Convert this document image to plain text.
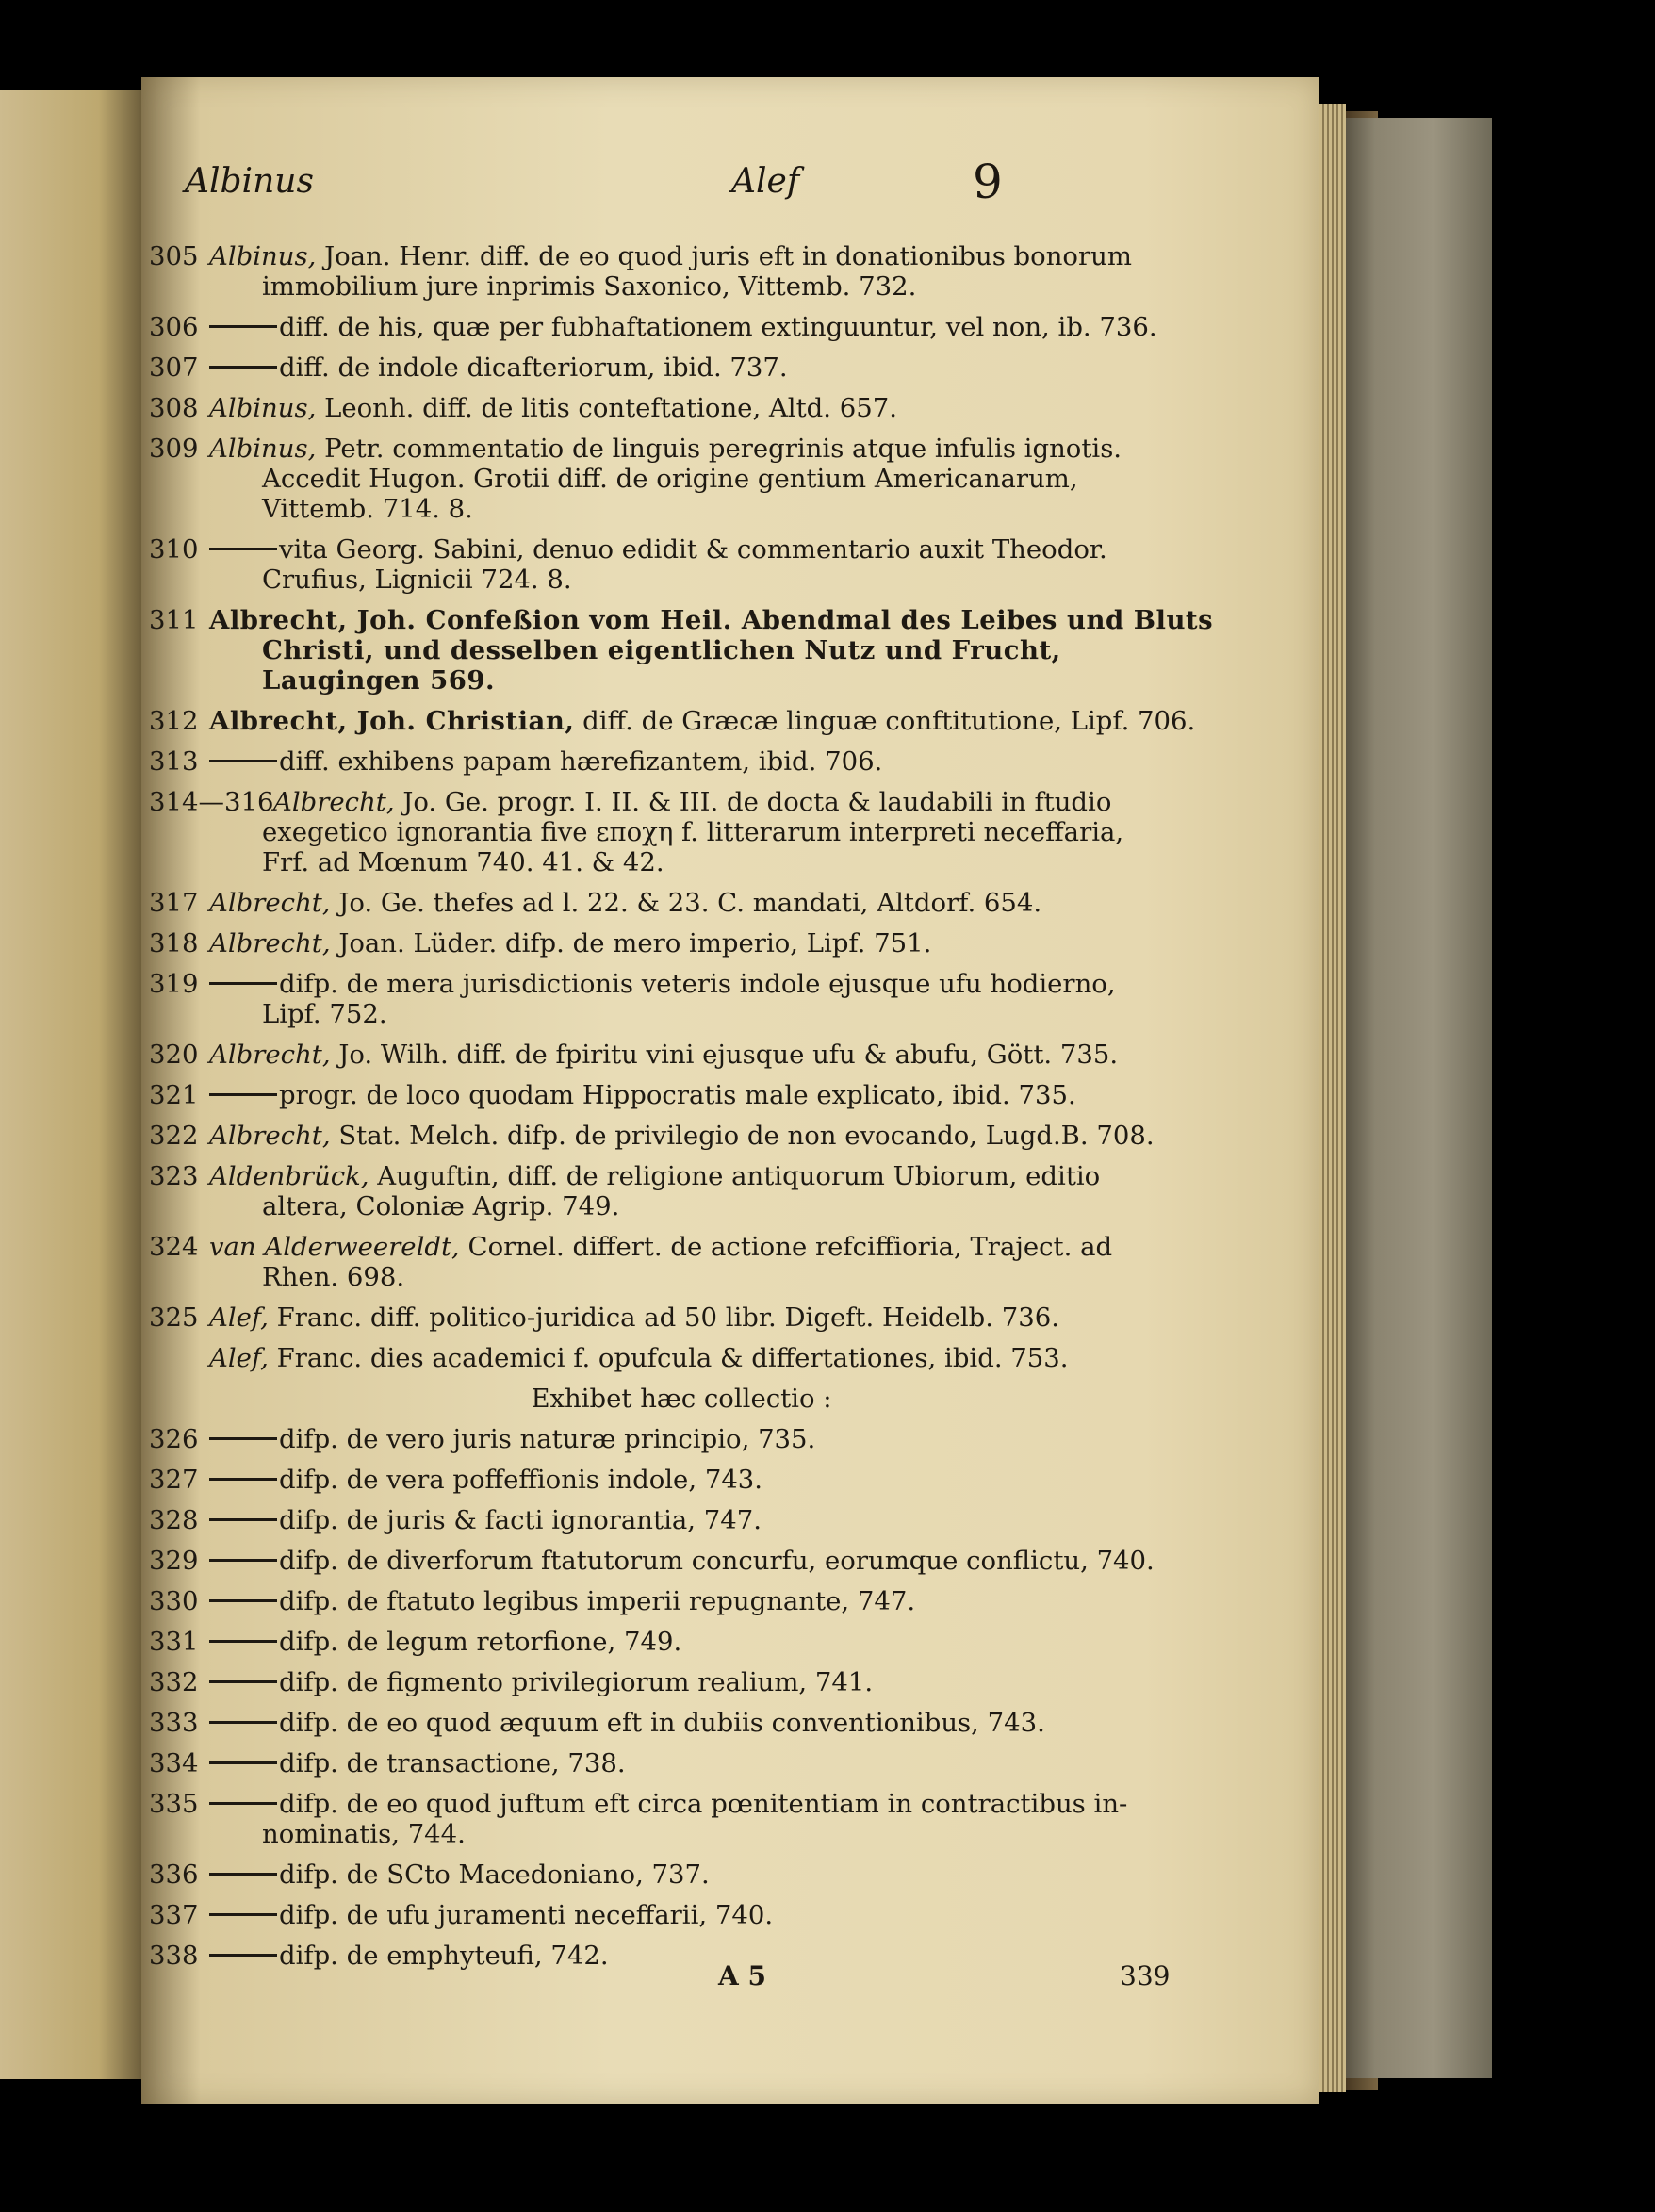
Albinus	Alef	9
305 Albinus, Joan. Henr. diff. de eo quod juris eft in donationibus bonorum
immobilium jure inprimis Saxonico, Vittemb. 732.
306	diff. de his, quæ per fubhaftationem extinguuntur, vel non, ib. 736.
307	diff. de indole dicafteriorum, ibid. 737.
308 Albinus, Leonh. diff. de litis conteftatione, Altd. 657.
309 Albinus, Petr. commentatio de linguis peregrinis atque infulis ignotis.
Accedit Hugon. Grotii diff. de origine gentium Americanarum, Vittemb. 714. 8.
310	vita Georg. Sabini, denuo edidit & commentario auxit Theodor.
Crufius, Lignicii 724. 8.
311 Albrecht, Joh. Confeßion vom Heil. Abendmal des Leibes und Bluts
Christi, und desselben eigentlichen Nutz und Frucht, Laugingen 569.
312 Albrecht, Joh. Christian, diff. de Græcæ linguæ conftitutione, Lipf. 706.
313	diff. exhibens papam hærefizantem, ibid. 706.
314—316 Albrecht, Jo. Ge. progr. I. II. & III. de docta & laudabili in ftudio
exegetico ignorantia five εποχη f. litterarum interpreti neceffaria, Frf. ad Mœnum 740. 41. & 42.
317 Albrecht, Jo. Ge. thefes ad l. 22. & 23. C. mandati, Altdorf. 654.
318 Albrecht, Joan. Lüder. difp. de mero imperio, Lipf. 751.
319	difp. de mera jurisdictionis veteris indole ejusque ufu hodierno,
Lipf. 752.
320 Albrecht, Jo. Wilh. diff. de fpiritu vini ejusque ufu & abufu, Gött. 735.
321	progr. de loco quodam Hippocratis male explicato, ibid. 735.
322 Albrecht, Stat. Melch. difp. de privilegio de non evocando, Lugd.B. 708.
323 Aldenbrück, Auguftin, diff. de religione antiquorum Ubiorum, editio
altera, Coloniæ Agrip. 749.
324 van Alderweereldt, Cornel. differt. de actione refciffioria, Traject. ad
Rhen. 698.
325 Alef, Franc. diff. politico-juridica ad 50 libr. Digeft. Heidelb. 736.
Alef, Franc. dies academici f. opufcula & differtationes, ibid. 753.
Exhibet hæc collectio :
326	difp. de vero juris naturæ principio, 735.
327	difp. de vera poffeffionis indole, 743.
328	difp. de juris & facti ignorantia, 747.
329	difp. de diverforum ftatutorum concurfu, eorumque conflictu, 740.
330	difp. de ftatuto legibus imperii repugnante, 747.
331	difp. de legum retorfione, 749.
332	difp. de figmento privilegiorum realium, 741.
333	difp. de eo quod æquum eft in dubiis conventionibus, 743.
334	difp. de transactione, 738.
335	difp. de eo quod juftum eft circa pœnitentiam in contractibus in-
nominatis, 744.
336	difp. de SCto Macedoniano, 737.
337	difp. de ufu juramenti neceffarii, 740.
338	difp. de emphyteufi, 742.
A 5	339
